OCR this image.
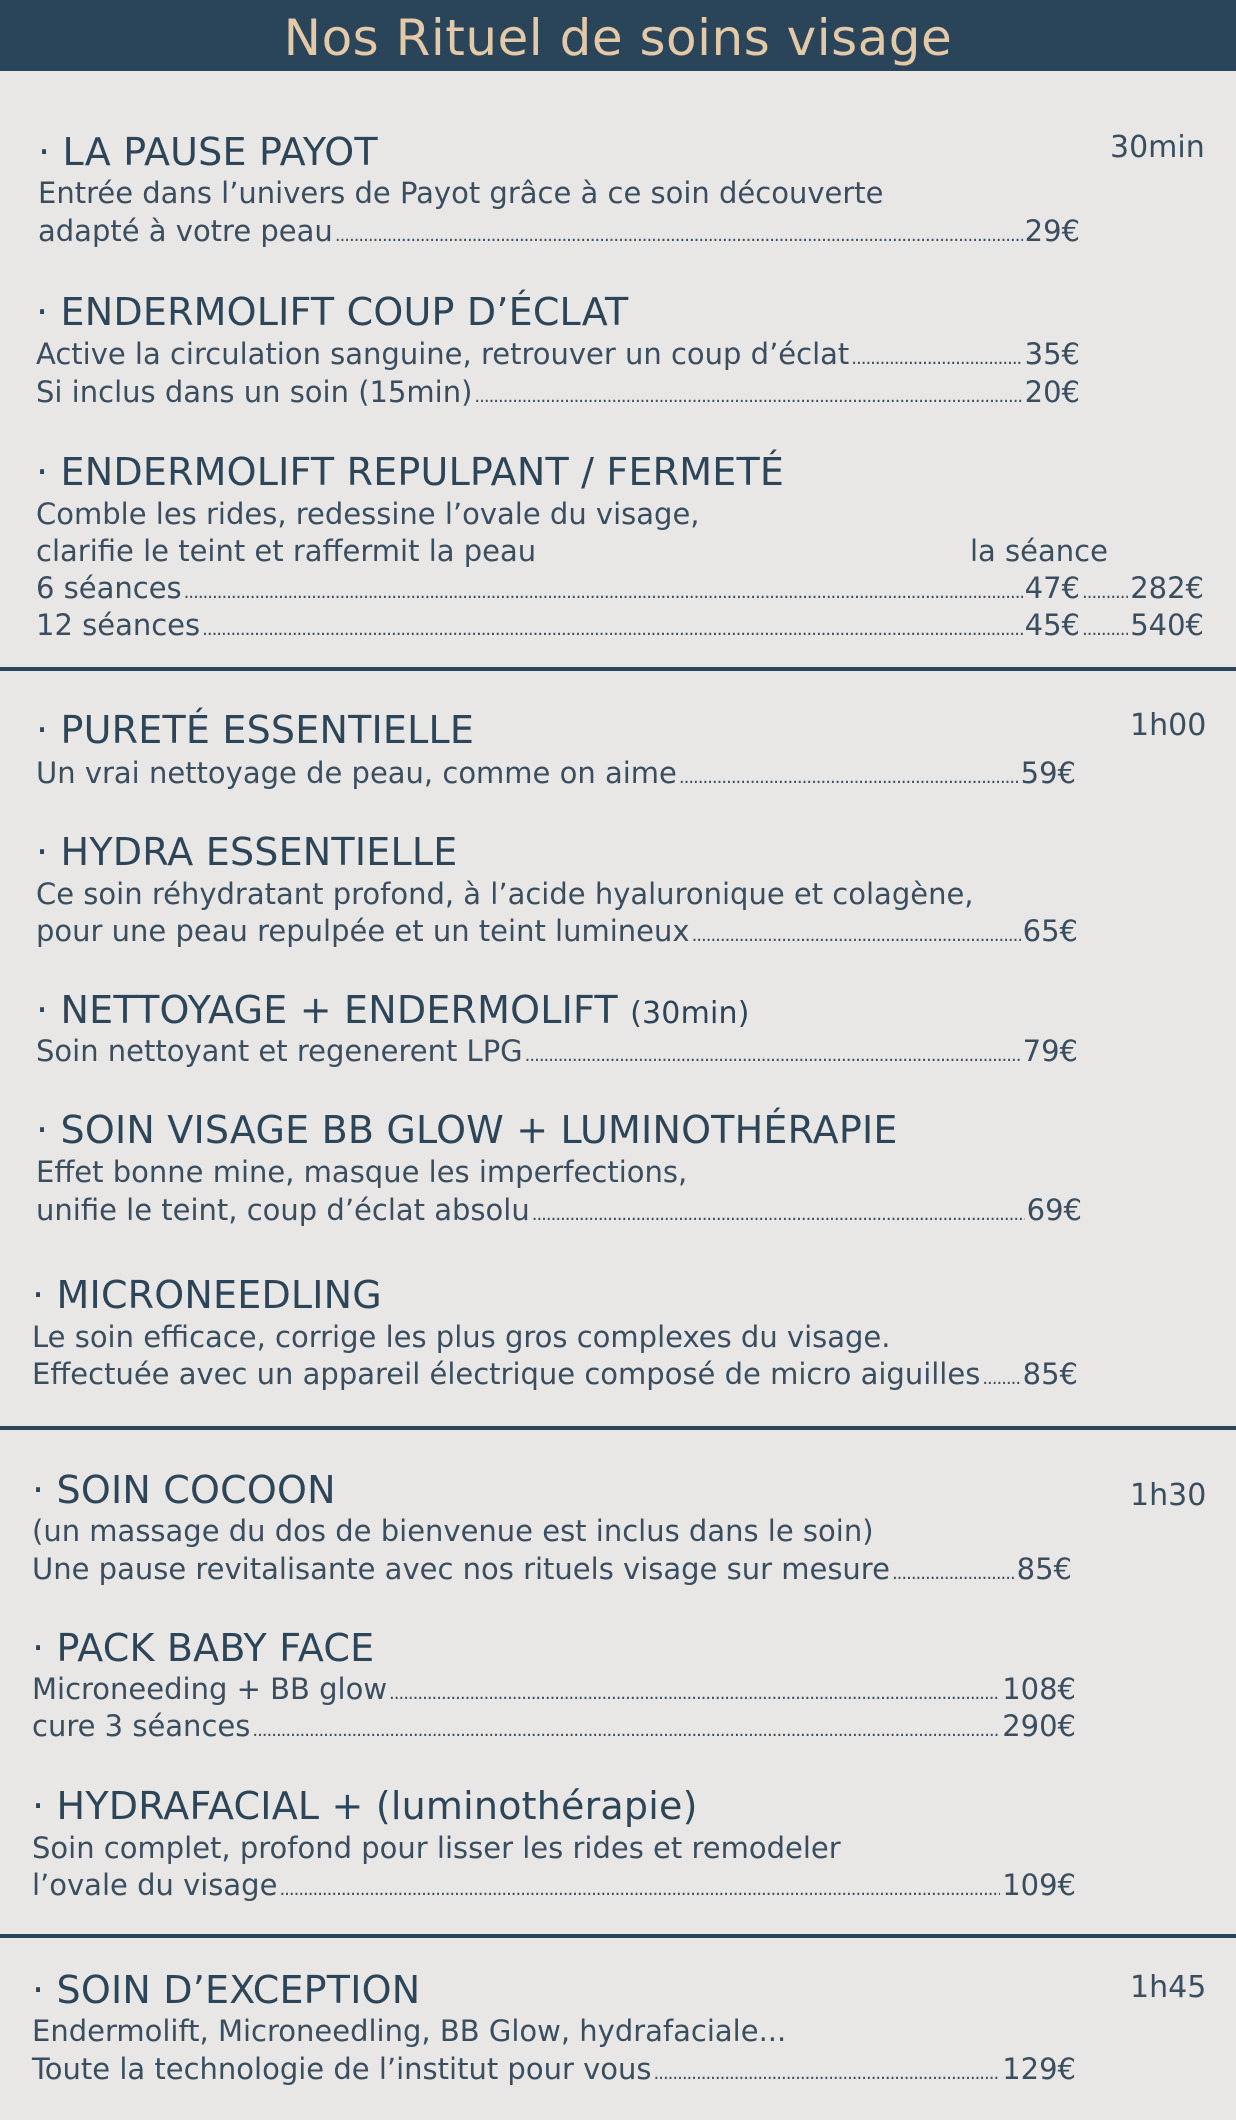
Nos Rituel de soins visage
30min
· LA PAUSE PAYOT
Entrée dans l’univers de Payot grâce à ce soin découverte
adapté à votre peau .....	29€
· ENDERMOLIFT COUP D’ÉCLAT
Active la circulation sanguine, retrouver un coup d’éclat .....	35€
Si inclus dans un soin (15min) .....	20€
· ENDERMOLIFT REPULPANT / FERMETÉ
Comble les rides, redessine l’ovale du visage,
clarifie le teint et raffermit la peau	la séance
6 séances .....	47€ ..... 282€
12 séances .....	45€ ..... 540€
1h00
· PURETÉ ESSENTIELLE
Un vrai nettoyage de peau, comme on aime .....	59€
· HYDRA ESSENTIELLE
Ce soin réhydratant profond, à l’acide hyaluronique et colagène,
pour une peau repulpée et un teint lumineux .....	65€
· NETTOYAGE + ENDERMOLIFT (30min)
Soin nettoyant et regenerent LPG .....	79€
· SOIN VISAGE BB GLOW + LUMINOTHÉRAPIE
Effet bonne mine, masque les imperfections,
unifie le teint, coup d’éclat absolu .....	69€
· MICRONEEDLING
Le soin efficace, corrige les plus gros complexes du visage.
Effectuée avec un appareil électrique composé de micro aiguilles ..... 85€
1h30
· SOIN COCOON
(un massage du dos de bienvenue est inclus dans le soin)
Une pause revitalisante avec nos rituels visage sur mesure .....	85€
· PACK BABY FACE
Microneeding + BB glow .....	108€
cure 3 séances .....	290€
· HYDRAFACIAL + (luminothérapie)
Soin complet, profond pour lisser les rides et remodeler
l’ovale du visage .....	109€
1h45
· SOIN D’EXCEPTION
Endermolift, Microneedling, BB Glow, hydrafaciale...
Toute la technologie de l’institut pour vous .....	129€
